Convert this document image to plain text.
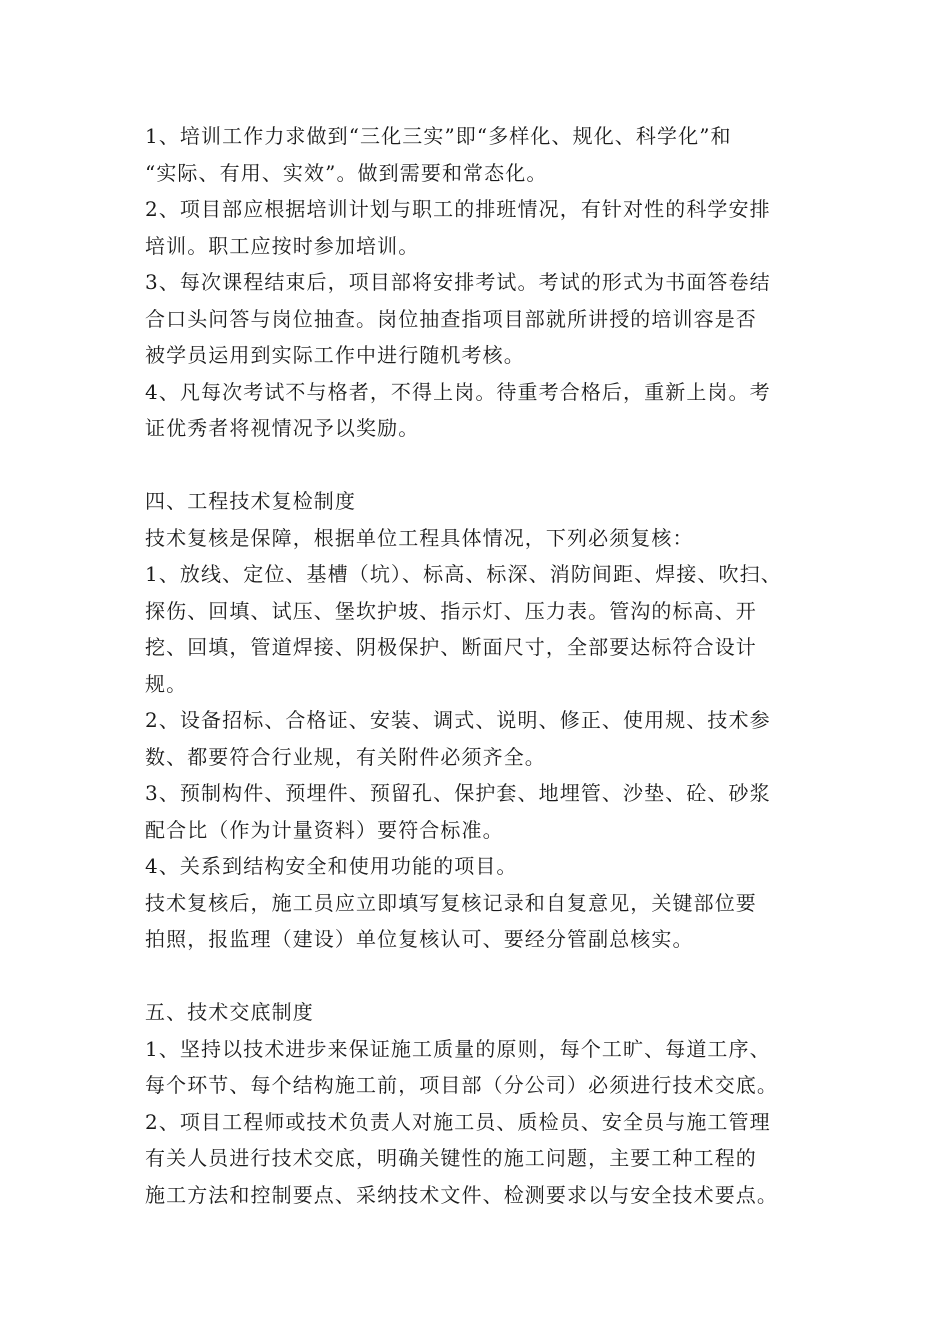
1、培训工作力求做到“三化三实”即“多样化、规化、科学化”和
“实际、有用、实效”。做到需要和常态化。
2、项目部应根据培训计划与职工的排班情况，有针对性的科学安排
培训。职工应按时参加培训。
3、每次课程结束后，项目部将安排考试。考试的形式为书面答卷结
合口头问答与岗位抽查。岗位抽查指项目部就所讲授的培训容是否
被学员运用到实际工作中进行随机考核。
4、凡每次考试不与格者，不得上岗。待重考合格后，重新上岗。考
证优秀者将视情况予以奖励。
四、工程技术复检制度
技术复核是保障，根据单位工程具体情况，下列必须复核：
1、放线、定位、基槽（坑）、标高、标深、消防间距、焊接、吹扫、
探伤、回填、试压、堡坎护坡、指示灯、压力表。管沟的标高、开
挖、回填，管道焊接、阴极保护、断面尺寸，全部要达标符合设计
规。
2、设备招标、合格证、安装、调式、说明、修正、使用规、技术参
数、都要符合行业规，有关附件必须齐全。
3、预制构件、预埋件、预留孔、保护套、地埋管、沙垫、砼、砂浆
配合比（作为计量资料）要符合标准。
4、关系到结构安全和使用功能的项目。
技术复核后，施工员应立即填写复核记录和自复意见，关键部位要
拍照，报监理（建设）单位复核认可、要经分管副总核实。
五、技术交底制度
1、坚持以技术进步来保证施工质量的原则，每个工旷、每道工序、
每个环节、每个结构施工前，项目部（分公司）必须进行技术交底。
2、项目工程师或技术负责人对施工员、质检员、安全员与施工管理
有关人员进行技术交底，明确关键性的施工问题，主要工种工程的
施工方法和控制要点、采纳技术文件、检测要求以与安全技术要点。
